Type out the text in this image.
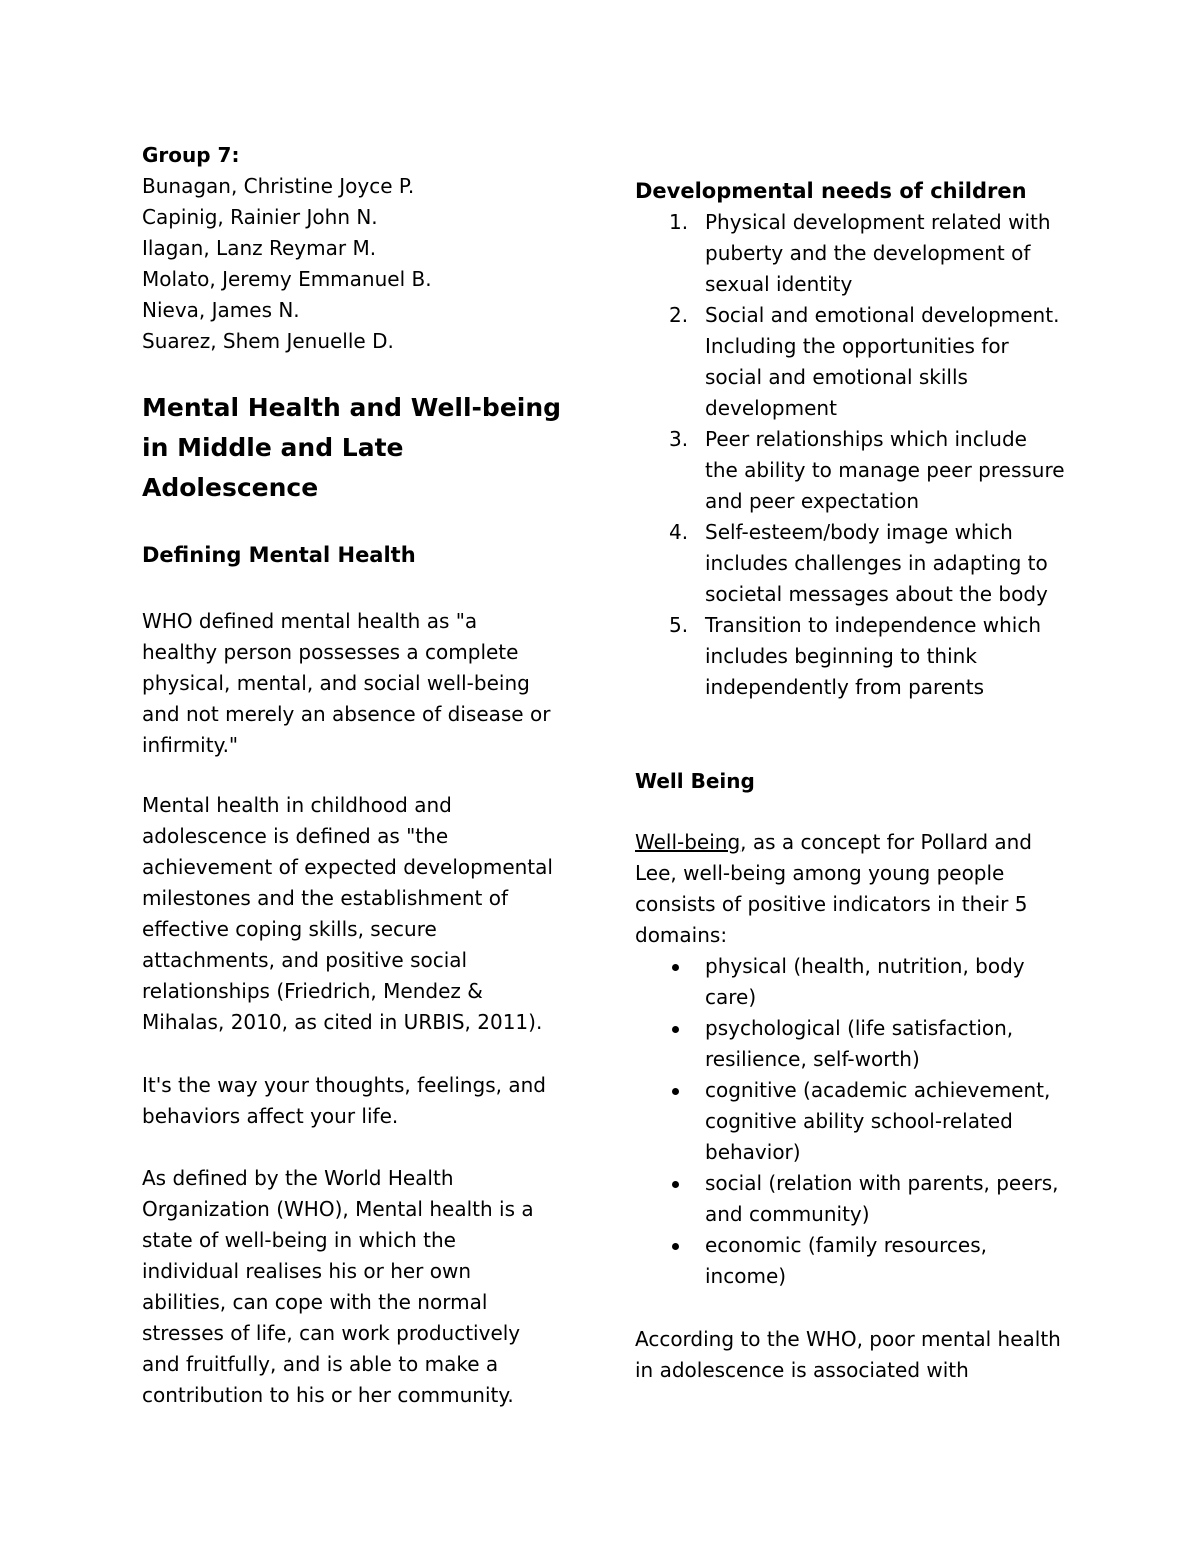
Group 7:
Bunagan, Christine Joyce P.
Capinig, Rainier John N.
Ilagan, Lanz Reymar M.
Molato, Jeremy Emmanuel B.
Nieva, James N.
Suarez, Shem Jenuelle D.
Mental Health and Well-being
in Middle and Late
Adolescence
Defining Mental Health

WHO defined mental health as "a healthy person possesses a complete physical, mental, and social well-being and not merely an absence of disease or infirmity."

Mental health in childhood and adolescence is defined as "the achievement of expected developmental milestones and the establishment of effective coping skills, secure attachments, and positive social relationships (Friedrich, Mendez & Mihalas, 2010, as cited in URBIS, 2011).

It's the way your thoughts, feelings, and behaviors affect your life.

As defined by the World Health Organization (WHO), Mental health is a state of well-being in which the individual realises his or her own abilities, can cope with the normal stresses of life, can work productively and fruitfully, and is able to make a contribution to his or her community.

Developmental needs of children
1. Physical development related with puberty and the development of sexual identity
2. Social and emotional development. Including the opportunities for social and emotional skills development
3. Peer relationships which include the ability to manage peer pressure and peer expectation
4. Self-esteem/body image which includes challenges in adapting to societal messages about the body
5. Transition to independence which includes beginning to think independently from parents
Well Being

Well-being, as a concept for Pollard and Lee, well-being among young people consists of positive indicators in their 5 domains:

physical (health, nutrition, body care)
psychological (life satisfaction, resilience, self-worth)
cognitive (academic achievement, cognitive ability school-related behavior)
social (relation with parents, peers, and community)
economic (family resources, income)

According to the WHO, poor mental health in adolescence is associated with
